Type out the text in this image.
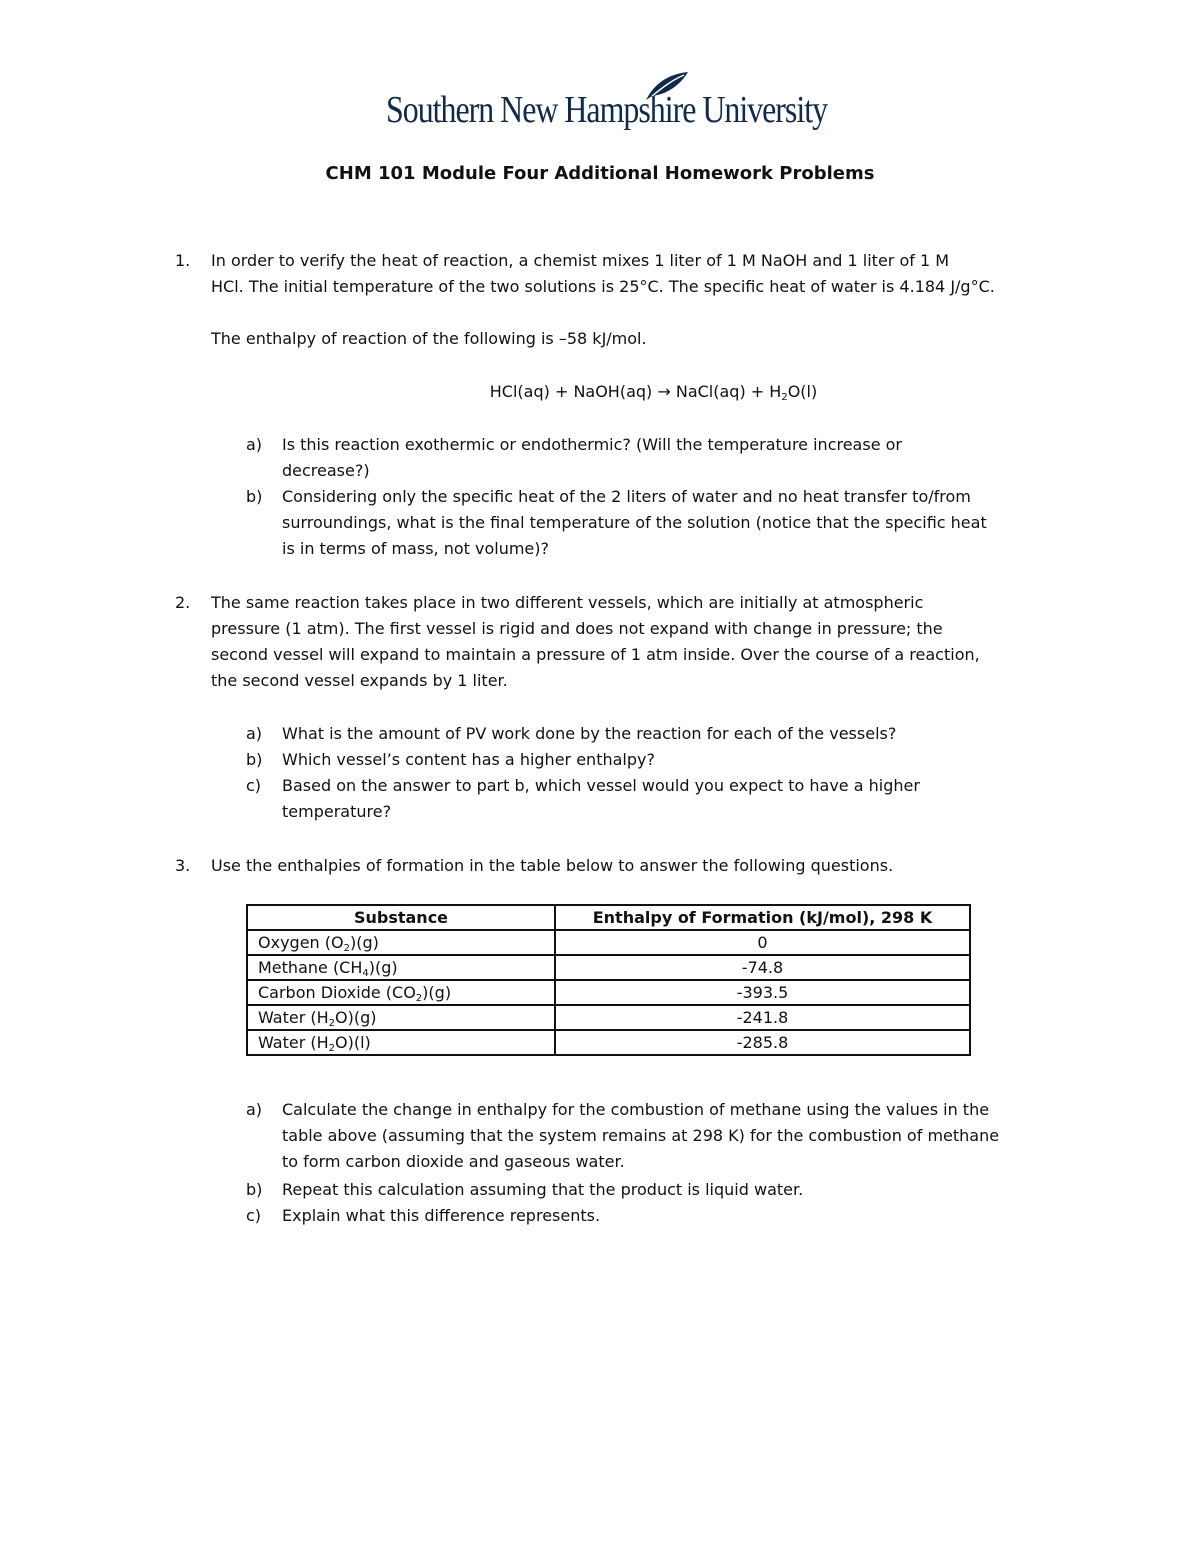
Southern New Hampshire University
CHM 101 Module Four Additional Homework Problems
1. In order to verify the heat of reaction, a chemist mixes 1 liter of 1 M NaOH and 1 liter of 1 M
HCl. The initial temperature of the two solutions is 25°C. The specific heat of water is 4.184 J/g°C.
The enthalpy of reaction of the following is –58 kJ/mol.
HCl(aq) + NaOH(aq) → NaCl(aq) + $H_2O(l)$
a) Is this reaction exothermic or endothermic? (Will the temperature increase or
decrease?)
b) Considering only the specific heat of the 2 liters of water and no heat transfer to/from
surroundings, what is the final temperature of the solution (notice that the specific heat
is in terms of mass, not volume)?
2. The same reaction takes place in two different vessels, which are initially at atmospheric
pressure (1 atm). The first vessel is rigid and does not expand with change in pressure; the
second vessel will expand to maintain a pressure of 1 atm inside. Over the course of a reaction,
the second vessel expands by 1 liter.
a) What is the amount of PV work done by the reaction for each of the vessels?
b) Which vessel’s content has a higher enthalpy?
c) Based on the answer to part b, which vessel would you expect to have a higher
temperature?
3. Use the enthalpies of formation in the table below to answer the following questions.
Substance	Enthalpy of Formation (kJ/mol), 298 K
Oxygen $(O_2)(g)$	0
Methane $(CH_4)(g)$	-74.8
Carbon Dioxide $(CO_2)(g)$	-393.5
Water $(H_2O)(g)$	-241.8
Water $(H_2O)(l)$	-285.8
a) Calculate the change in enthalpy for the combustion of methane using the values in the
table above (assuming that the system remains at 298 K) for the combustion of methane
to form carbon dioxide and gaseous water.
b) Repeat this calculation assuming that the product is liquid water.
c) Explain what this difference represents.
